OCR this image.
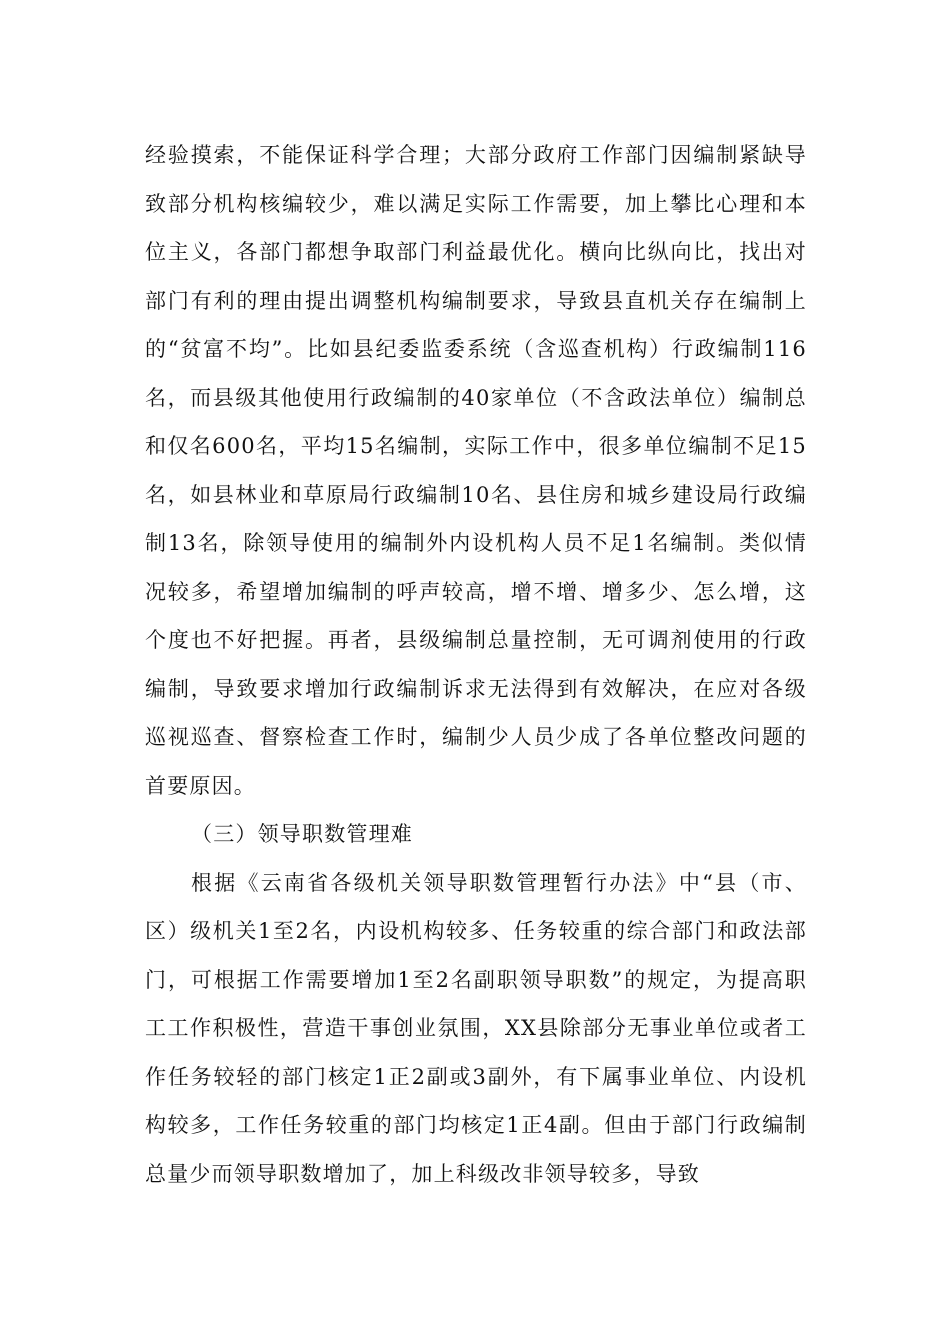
经验摸索，不能保证科学合理；大部分政府工作部门因编制紧缺导致部分机构核编较少，难以满足实际工作需要，加上攀比心理和本位主义，各部门都想争取部门利益最优化。横向比纵向比，找出对部门有利的理由提出调整机构编制要求，导致县直机关存在编制上的“贫富不均”。比如县纪委监委系统（含巡查机构）行政编制116名，而县级其他使用行政编制的40家单位（不含政法单位）编制总和仅名600名，平均15名编制，实际工作中，很多单位编制不足15名，如县林业和草原局行政编制10名、县住房和城乡建设局行政编制13名，除领导使用的编制外内设机构人员不足1名编制。类似情况较多，希望增加编制的呼声较高，增不增、增多少、怎么增，这个度也不好把握。再者，县级编制总量控制，无可调剂使用的行政编制，导致要求增加行政编制诉求无法得到有效解决，在应对各级巡视巡查、督察检查工作时，编制少人员少成了各单位整改问题的首要原因。

（三）领导职数管理难

根据《云南省各级机关领导职数管理暂行办法》中“县（市、区）级机关1至2名，内设机构较多、任务较重的综合部门和政法部门，可根据工作需要增加1至2名副职领导职数”的规定，为提高职工工作积极性，营造干事创业氛围，XX县除部分无事业单位或者工作任务较轻的部门核定1正2副或3副外，有下属事业单位、内设机构较多，工作任务较重的部门均核定1正4副。但由于部门行政编制总量少而领导职数增加了，加上科级改非领导较多，导致
